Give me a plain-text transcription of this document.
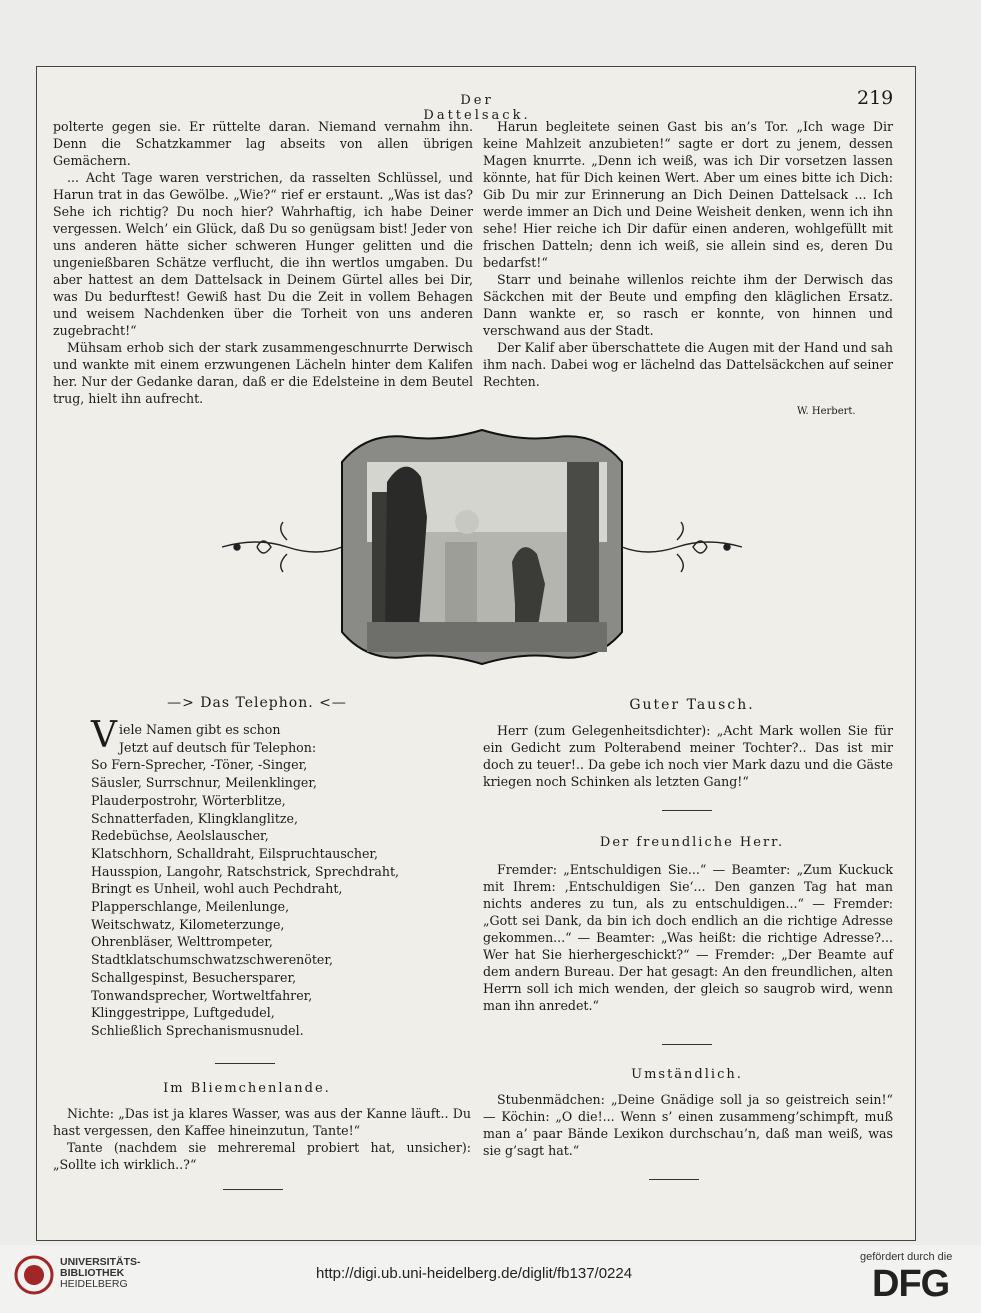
Der Dattelsack.
219

polterte gegen sie. Er rüttelte daran. Niemand vernahm ihn. Denn die Schatzkammer lag abseits von allen übrigen Gemächern.

... Acht Tage waren verstrichen, da rasselten Schlüssel, und Harun trat in das Gewölbe. „Wie?“ rief er erstaunt. „Was ist das? Sehe ich richtig? Du noch hier? Wahrhaftig, ich habe Deiner vergessen. Welch’ ein Glück, daß Du so genügsam bist! Jeder von uns anderen hätte sicher schweren Hunger gelitten und die ungenießbaren Schätze verflucht, die ihn wertlos umgaben. Du aber hattest an dem Dattelsack in Deinem Gürtel alles bei Dir, was Du bedurftest! Gewiß hast Du die Zeit in vollem Behagen und weisem Nachdenken über die Torheit von uns anderen zugebracht!“

Mühsam erhob sich der stark zusammengeschnurrte Derwisch und wankte mit einem erzwungenen Lächeln hinter dem Kalifen her. Nur der Gedanke daran, daß er die Edelsteine in dem Beutel trug, hielt ihn aufrecht.

Harun begleitete seinen Gast bis an’s Tor. „Ich wage Dir keine Mahlzeit anzubieten!“ sagte er dort zu jenem, dessen Magen knurrte. „Denn ich weiß, was ich Dir vorsetzen lassen könnte, hat für Dich keinen Wert. Aber um eines bitte ich Dich: Gib Du mir zur Erinnerung an Dich Deinen Dattelsack ... Ich werde immer an Dich und Deine Weisheit denken, wenn ich ihn sehe! Hier reiche ich Dir dafür einen anderen, wohlgefüllt mit frischen Datteln; denn ich weiß, sie allein sind es, deren Du bedarfst!“

Starr und beinahe willenlos reichte ihm der Derwisch das Säckchen mit der Beute und empfing den kläglichen Ersatz. Dann wankte er, so rasch er konnte, von hinnen und verschwand aus der Stadt.

Der Kalif aber überschattete die Augen mit der Hand und sah ihm nach. Dabei wog er lächelnd das Dattelsäckchen auf seiner Rechten.

W. Herbert.
—> Das Telephon. <—
V iele Namen gibt es schon
Jetzt auf deutsch für Telephon:
So Fern-Sprecher, -Töner, -Singer,
Säusler, Surrschnur, Meilenklinger,
Plauderpostrohr, Wörterblitze,
Schnatterfaden, Klingklanglitze,
Redebüchse, Aeolslauscher,
Klatschhorn, Schalldraht, Eilspruchtauscher,
Hausspion, Langohr, Ratschstrick, Sprechdraht,
Bringt es Unheil, wohl auch Pechdraht,
Plapperschlange, Meilenlunge,
Weitschwatz, Kilometerzunge,
Ohrenbläser, Welttrompeter,
Stadtklatschumschwatzschwerenöter,
Schallgespinst, Besuchersparer,
Tonwandsprecher, Wortweltfahrer,
Klinggestrippe, Luftgedudel,
Schließlich Sprechanismusnudel.
Im Bliemchenlande.

Nichte: „Das ist ja klares Wasser, was aus der Kanne läuft.. Du hast vergessen, den Kaffee hineinzutun, Tante!“

Tante (nachdem sie mehreremal probiert hat, unsicher): „Sollte ich wirklich..?“

Guter Tausch.

Herr (zum Gelegenheitsdichter): „Acht Mark wollen Sie für ein Gedicht zum Polterabend meiner Tochter?.. Das ist mir doch zu teuer!.. Da gebe ich noch vier Mark dazu und die Gäste kriegen noch Schinken als letzten Gang!“

Der freundliche Herr.

Fremder: „Entschuldigen Sie...“ — Beamter: „Zum Kuckuck mit Ihrem: ‚Entschuldigen Sie‘... Den ganzen Tag hat man nichts anderes zu tun, als zu entschuldigen...“ — Fremder: „Gott sei Dank, da bin ich doch endlich an die richtige Adresse gekommen...“ — Beamter: „Was heißt: die richtige Adresse?... Wer hat Sie hierhergeschickt?“ — Fremder: „Der Beamte auf dem andern Bureau. Der hat gesagt: An den freundlichen, alten Herrn soll ich mich wenden, der gleich so saugrob wird, wenn man ihn anredet.“

Umständlich.

Stubenmädchen: „Deine Gnädige soll ja so geistreich sein!“ — Köchin: „O die!... Wenn s’ einen zusammeng’schimpft, muß man a’ paar Bände Lexikon durchschau’n, daß man weiß, was sie g’sagt hat.“

UNIVERSITÄTS-
BIBLIOTHEK
HEIDELBERG
http://digi.ub.uni-heidelberg.de/diglit/fb137/0224
gefördert durch die
DFG
